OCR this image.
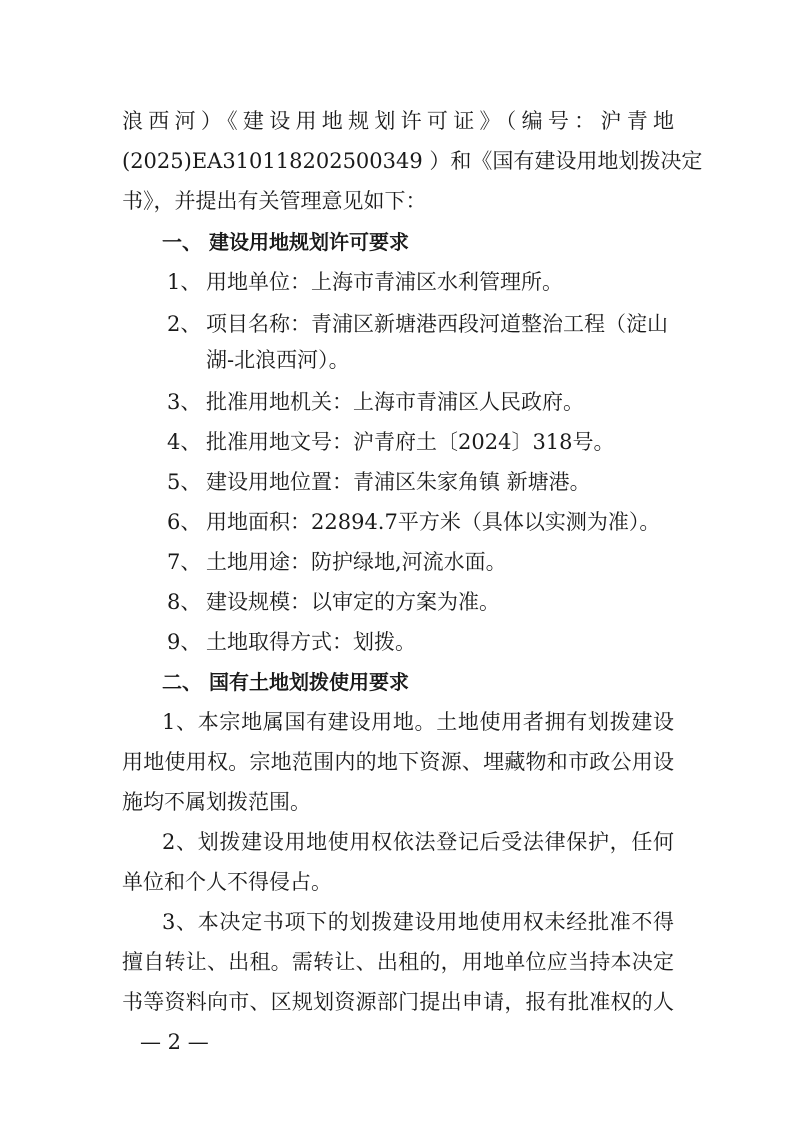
浪西河）《建设用地规划许可证》（编号：沪青地
(2025)EA310118202500349 ）和《国有建设用地划拨决定
书》，并提出有关管理意见如下：
一、 建设用地规划许可要求
1、 用地单位：上海市青浦区水利管理所。
2、 项目名称：青浦区新塘港西段河道整治工程（淀山
湖-北浪西河）。
3、 批准用地机关：上海市青浦区人民政府。
4、 批准用地文号：沪青府土〔2024〕318号。
5、 建设用地位置：青浦区朱家角镇 新塘港。
6、 用地面积：22894.7平方米（具体以实测为准）。
7、 土地用途：防护绿地,河流水面。
8、 建设规模：以审定的方案为准。
9、 土地取得方式：划拨。
二、 国有土地划拨使用要求
1、本宗地属国有建设用地。土地使用者拥有划拨建设
用地使用权。宗地范围内的地下资源、埋藏物和市政公用设
施均不属划拨范围。
2、划拨建设用地使用权依法登记后受法律保护，任何
单位和个人不得侵占。
3、本决定书项下的划拨建设用地使用权未经批准不得
擅自转让、出租。需转让、出租的，用地单位应当持本决定
书等资料向市、区规划资源部门提出申请，报有批准权的人
— 2 —
